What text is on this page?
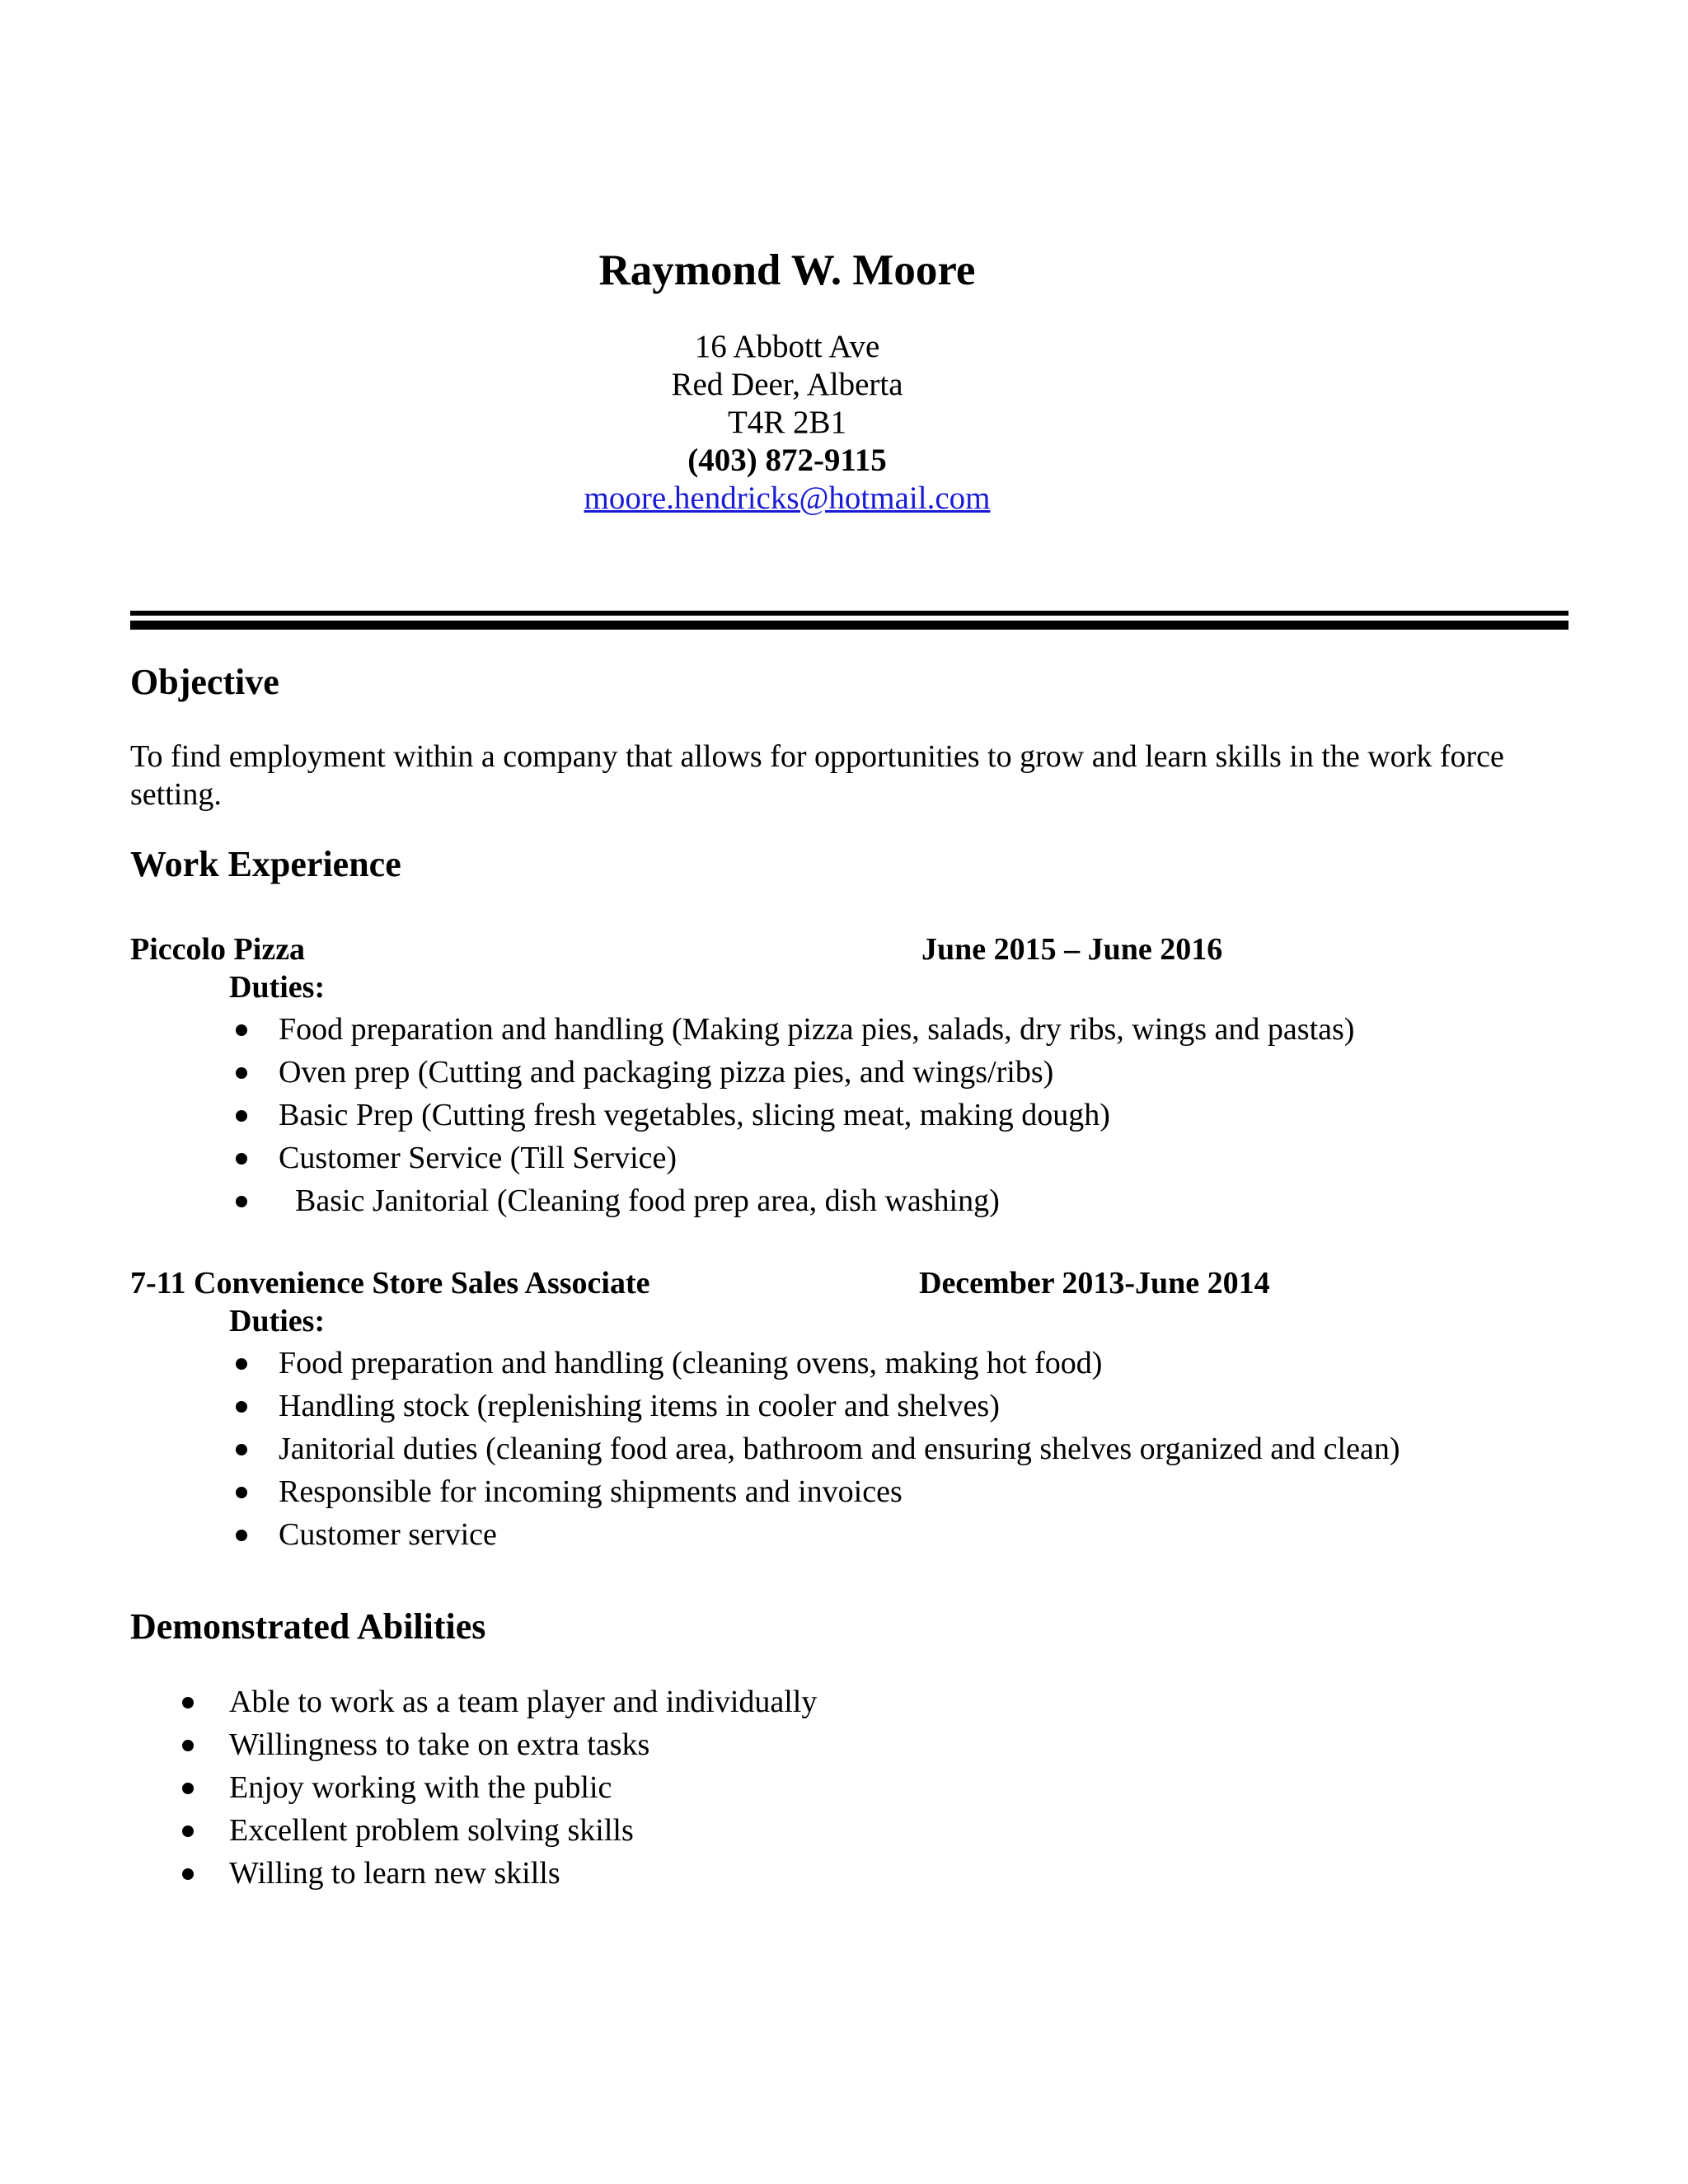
Raymond W. Moore
16 Abbott Ave
Red Deer, Alberta
T4R 2B1
(403) 872-9115
moore.hendricks@hotmail.com
Objective
To find employment within a company that allows for opportunities to grow and learn skills in the work force setting.
Work Experience
Piccolo Pizza	June 2015 – June 2016
Duties:
Food preparation and handling (Making pizza pies, salads, dry ribs, wings and pastas)
Oven prep (Cutting and packaging pizza pies, and wings/ribs)
Basic Prep (Cutting fresh vegetables, slicing meat, making dough)
Customer Service (Till Service)
Basic Janitorial (Cleaning food prep area, dish washing)
7-11 Convenience Store Sales Associate	December 2013-June 2014
Duties:
Food preparation and handling (cleaning ovens, making hot food)
Handling stock (replenishing items in cooler and shelves)
Janitorial duties (cleaning food area, bathroom and ensuring shelves organized and clean)
Responsible for incoming shipments and invoices
Customer service
Demonstrated Abilities
Able to work as a team player and individually
Willingness to take on extra tasks
Enjoy working with the public
Excellent problem solving skills
Willing to learn new skills
